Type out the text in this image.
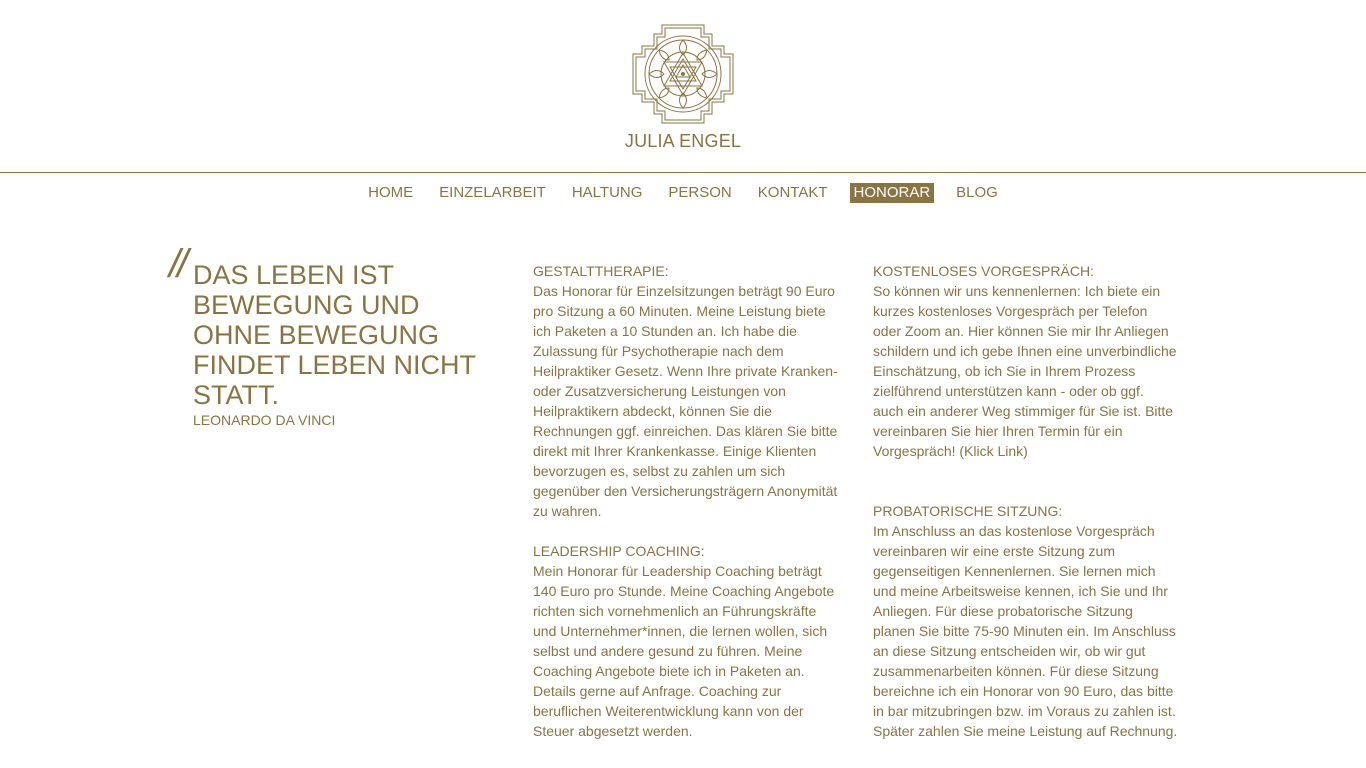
JULIA ENGEL
HOME EINZELARBEIT HALTUNG PERSON KONTAKT HONORAR BLOG
// DAS LEBEN IST BEWEGUNG UND OHNE BEWEGUNG FINDET LEBEN NICHT STATT.
LEONARDO DA VINCI
GESTALTTHERAPIE:
Das Honorar für Einzelsitzungen beträgt 90 Euro pro Sitzung a 60 Minuten. Meine Leistung biete ich Paketen a 10 Stunden an. Ich habe die Zulassung für Psychotherapie nach dem Heilpraktiker Gesetz. Wenn Ihre private Kranken- oder Zusatzversicherung Leistungen von Heilpraktikern abdeckt, können Sie die Rechnungen ggf. einreichen. Das klären Sie bitte direkt mit Ihrer Krankenkasse. Einige Klienten bevorzugen es, selbst zu zahlen um sich gegenüber den Versicherungsträgern Anonymität zu wahren.
LEADERSHIP COACHING:
Mein Honorar für Leadership Coaching beträgt 140 Euro pro Stunde. Meine Coaching Angebote richten sich vornehmenlich an Führungskräfte und Unternehmer*innen, die lernen wollen, sich selbst und andere gesund zu führen. Meine Coaching Angebote biete ich in Paketen an. Details gerne auf Anfrage. Coaching zur beruflichen Weiterentwicklung kann von der Steuer abgesetzt werden.
KOSTENLOSES VORGESPRÄCH:
So können wir uns kennenlernen: Ich biete ein kurzes kostenloses Vorgespräch per Telefon oder Zoom an. Hier können Sie mir Ihr Anliegen schildern und ich gebe Ihnen eine unverbindliche Einschätzung, ob ich Sie in Ihrem Prozess zielführend unterstützen kann - oder ob ggf. auch ein anderer Weg stimmiger für Sie ist. Bitte vereinbaren Sie hier Ihren Termin für ein Vorgespräch! (Klick Link)
PROBATORISCHE SITZUNG:
Im Anschluss an das kostenlose Vorgespräch vereinbaren wir eine erste Sitzung zum gegenseitigen Kennenlernen. Sie lernen mich und meine Arbeitsweise kennen, ich Sie und Ihr Anliegen. Für diese probatorische Sitzung planen Sie bitte 75-90 Minuten ein. Im Anschluss an diese Sitzung entscheiden wir, ob wir gut zusammenarbeiten können. Für diese Sitzung bereichne ich ein Honorar von 90 Euro, das bitte in bar mitzubringen bzw. im Voraus zu zahlen ist. Später zahlen Sie meine Leistung auf Rechnung.
